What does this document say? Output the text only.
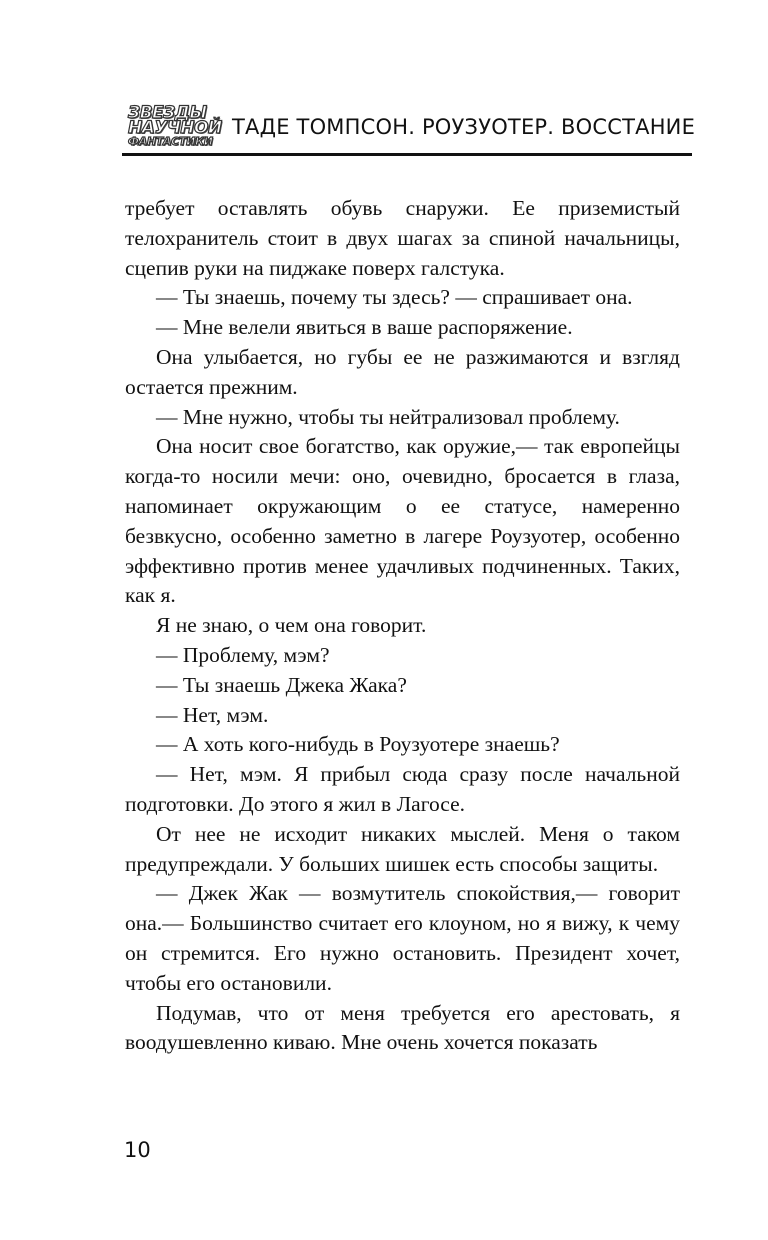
ЗВЕЗДЫ
НАУЧНОЙ
ФАНТАСТИКИ
ТАДЕ ТОМПСОН. РОУЗУОТЕР. ВОССТАНИЕ

требует оставлять обувь снаружи. Ее приземистый телохранитель стоит в двух шагах за спиной начальницы, сцепив руки на пиджаке поверх галстука.

— Ты знаешь, почему ты здесь? — спрашивает она.

— Мне велели явиться в ваше распоряжение.

Она улыбается, но губы ее не разжимаются и взгляд остается прежним.

— Мне нужно, чтобы ты нейтрализовал проблему.

Она носит свое богатство, как оружие,— так европейцы когда-то носили мечи: оно, очевидно, бросается в глаза, напоминает окружающим о ее статусе, намеренно безвкусно, особенно заметно в лагере Роузуотер, особенно эффективно против менее удачливых подчиненных. Таких, как я.

Я не знаю, о чем она говорит.

— Проблему, мэм?

— Ты знаешь Джека Жака?

— Нет, мэм.

— А хоть кого-нибудь в Роузуотере знаешь?

— Нет, мэм. Я прибыл сюда сразу после начальной подготовки. До этого я жил в Лагосе.

От нее не исходит никаких мыслей. Меня о таком предупреждали. У больших шишек есть способы защиты.

— Джек Жак — возмутитель спокойствия,— говорит она.— Большинство считает его клоуном, но я вижу, к чему он стремится. Его нужно остановить. Президент хочет, чтобы его остановили.

Подумав, что от меня требуется его арестовать, я воодушевленно киваю. Мне очень хочется показать

10
